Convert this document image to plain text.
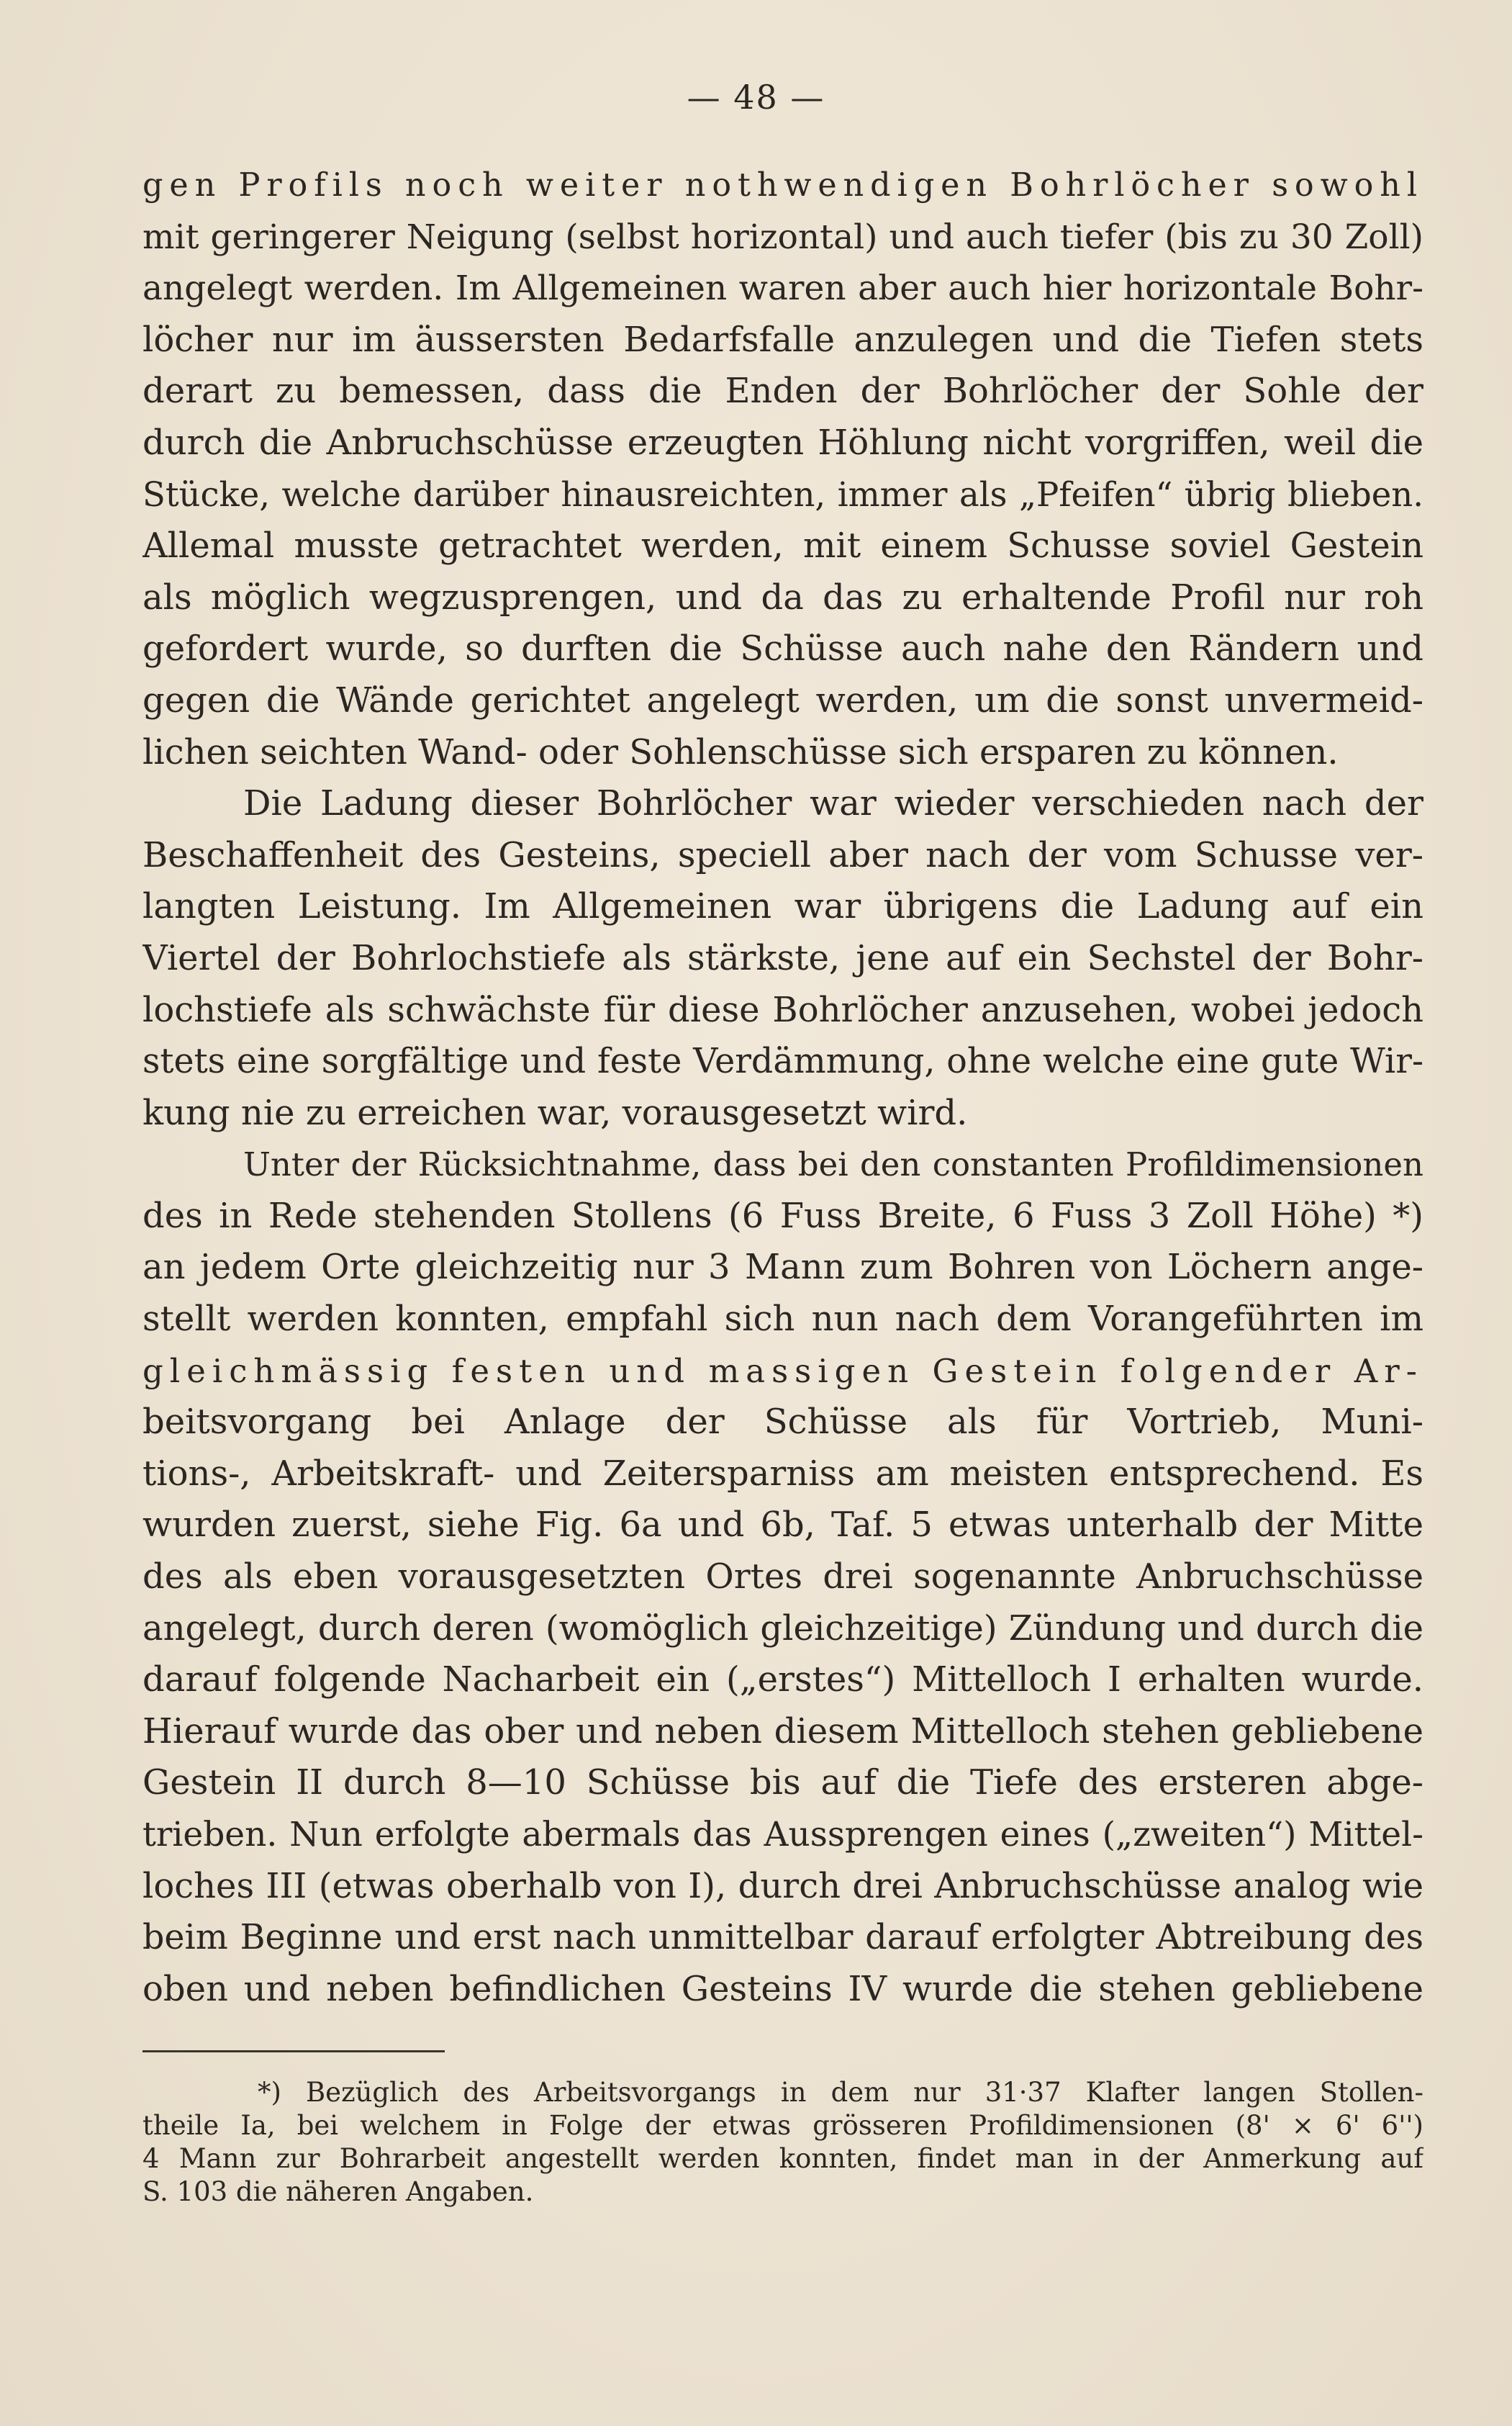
— 48 —
gen Profils noch weiter nothwendigen Bohrlöcher sowohl
mit geringerer Neigung (selbst horizontal) und auch tiefer (bis zu 30 Zoll)
angelegt werden. Im Allgemeinen waren aber auch hier horizontale Bohr-
löcher nur im äussersten Bedarfsfalle anzulegen und die Tiefen stets
derart zu bemessen, dass die Enden der Bohrlöcher der Sohle der
durch die Anbruchschüsse erzeugten Höhlung nicht vorgriffen, weil die
Stücke, welche darüber hinausreichten, immer als „Pfeifen“ übrig blieben.
Allemal musste getrachtet werden, mit einem Schusse soviel Gestein
als möglich wegzusprengen, und da das zu erhaltende Profil nur roh
gefordert wurde, so durften die Schüsse auch nahe den Rändern und
gegen die Wände gerichtet angelegt werden, um die sonst unvermeid-
lichen seichten Wand- oder Sohlenschüsse sich ersparen zu können.
Die Ladung dieser Bohrlöcher war wieder verschieden nach der
Beschaffenheit des Gesteins, speciell aber nach der vom Schusse ver-
langten Leistung. Im Allgemeinen war übrigens die Ladung auf ein
Viertel der Bohrlochstiefe als stärkste, jene auf ein Sechstel der Bohr-
lochstiefe als schwächste für diese Bohrlöcher anzusehen, wobei jedoch
stets eine sorgfältige und feste Verdämmung, ohne welche eine gute Wir-
kung nie zu erreichen war, vorausgesetzt wird.
Unter der Rücksichtnahme, dass bei den constanten Profildimensionen
des in Rede stehenden Stollens (6 Fuss Breite, 6 Fuss 3 Zoll Höhe) *)
an jedem Orte gleichzeitig nur 3 Mann zum Bohren von Löchern ange-
stellt werden konnten, empfahl sich nun nach dem Vorangeführten im
gleichmässig festen und massigen Gestein folgender Ar-
beitsvorgang bei Anlage der Schüsse als für Vortrieb, Muni-
tions-, Arbeitskraft- und Zeitersparniss am meisten entsprechend. Es
wurden zuerst, siehe Fig. 6a und 6b, Taf. 5 etwas unterhalb der Mitte
des als eben vorausgesetzten Ortes drei sogenannte Anbruchschüsse
angelegt, durch deren (womöglich gleichzeitige) Zündung und durch die
darauf folgende Nacharbeit ein („erstes“) Mittelloch I erhalten wurde.
Hierauf wurde das ober und neben diesem Mittelloch stehen gebliebene
Gestein II durch 8—10 Schüsse bis auf die Tiefe des ersteren abge-
trieben. Nun erfolgte abermals das Aussprengen eines („zweiten“) Mittel-
loches III (etwas oberhalb von I), durch drei Anbruchschüsse analog wie
beim Beginne und erst nach unmittelbar darauf erfolgter Abtreibung des
oben und neben befindlichen Gesteins IV wurde die stehen gebliebene
*) Bezüglich des Arbeitsvorgangs in dem nur 31·37 Klafter langen Stollen-
theile Ia, bei welchem in Folge der etwas grösseren Profildimensionen (8' × 6' 6'')
4 Mann zur Bohrarbeit angestellt werden konnten, findet man in der Anmerkung auf
S. 103 die näheren Angaben.
